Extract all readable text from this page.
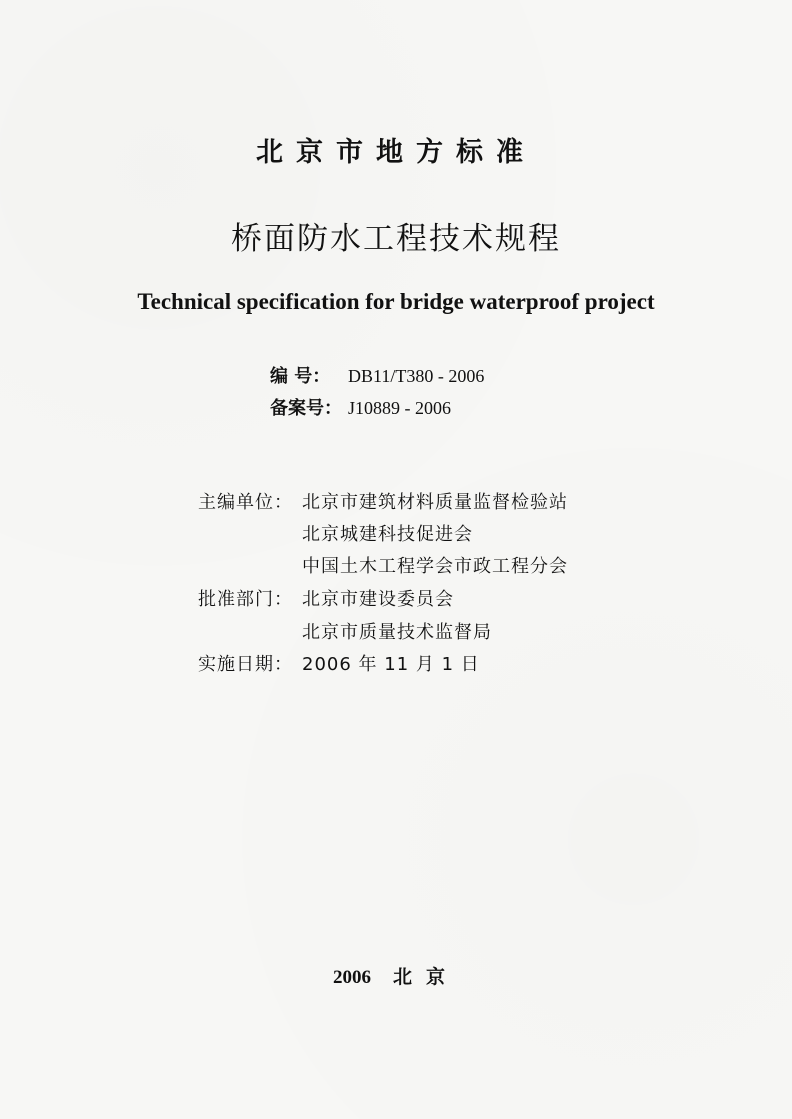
北京市地方标准
桥面防水工程技术规程
Technical specification for bridge waterproof project
编 号： DB11/T380 - 2006
备案号： J10889 - 2006
主编单位： 北京市建筑材料质量监督检验站
北京城建科技促进会
中国土木工程学会市政工程分会
批准部门： 北京市建设委员会
北京市质量技术监督局
实施日期： 2006 年 11 月 1 日
2006 北京
